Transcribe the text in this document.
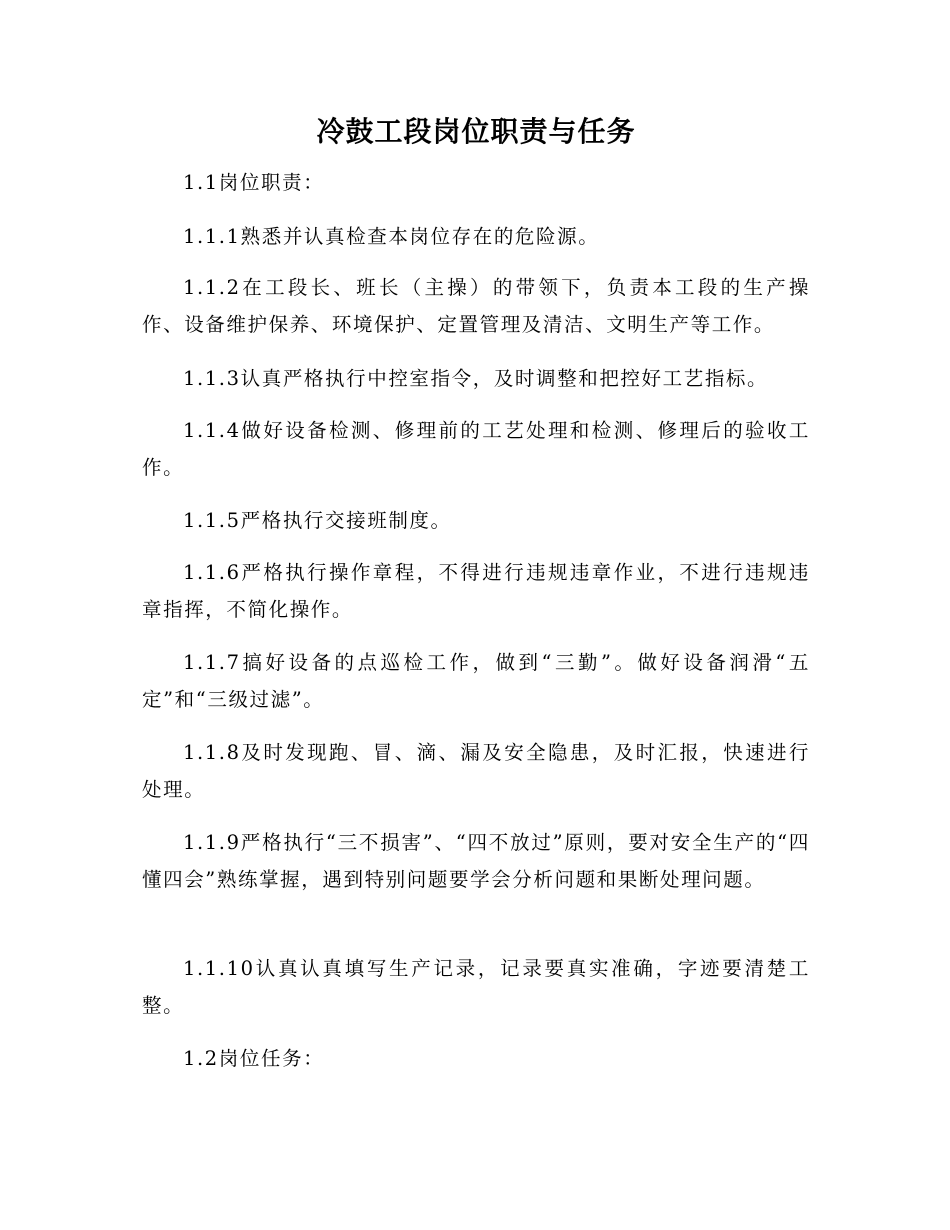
冷鼓工段岗位职责与任务

1.1岗位职责：

1.1.1熟悉并认真检查本岗位存在的危险源。

1.1.2在工段长、班长（主操）的带领下，负责本工段的生产操作、设备维护保养、环境保护、定置管理及清洁、文明生产等工作。

1.1.3认真严格执行中控室指令，及时调整和把控好工艺指标。

1.1.4做好设备检测、修理前的工艺处理和检测、修理后的验收工作。

1.1.5严格执行交接班制度。

1.1.6严格执行操作章程，不得进行违规违章作业，不进行违规违章指挥，不简化操作。

1.1.7搞好设备的点巡检工作，做到“三勤”。做好设备润滑“五定”和“三级过滤”。

1.1.8及时发现跑、冒、滴、漏及安全隐患，及时汇报，快速进行处理。

1.1.9严格执行“三不损害”、“四不放过”原则，要对安全生产的“四懂四会”熟练掌握，遇到特别问题要学会分析问题和果断处理问题。

1.1.10认真认真填写生产记录，记录要真实准确，字迹要清楚工整。

1.2岗位任务：
